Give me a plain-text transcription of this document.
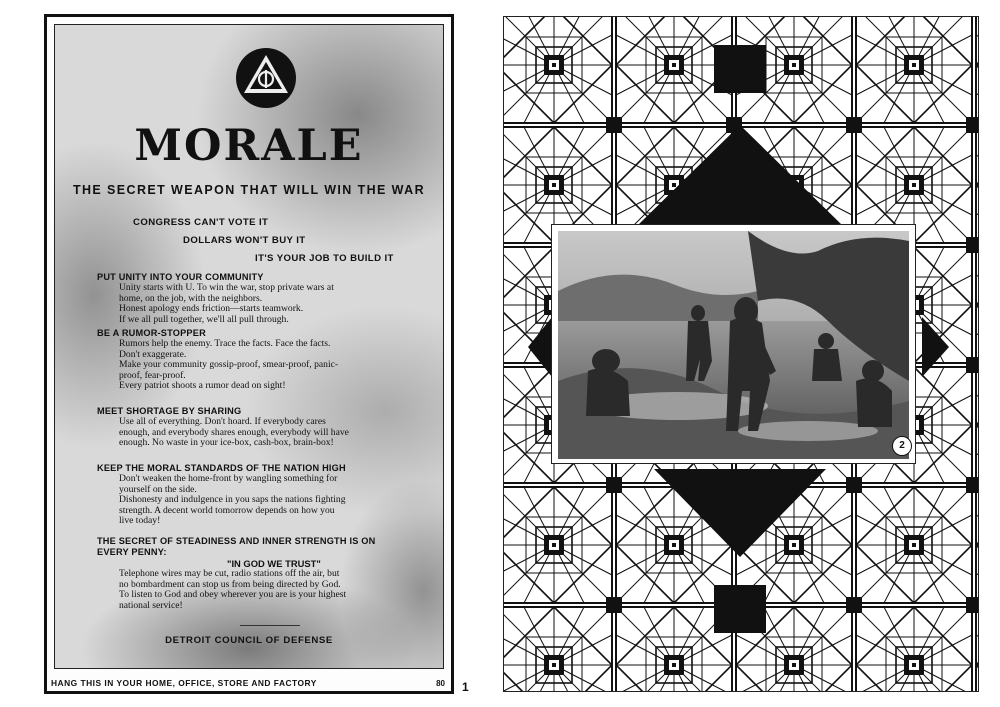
MORALE
THE SECRET WEAPON THAT WILL WIN THE WAR
CONGRESS CAN'T VOTE IT
DOLLARS WON'T BUY IT
IT'S YOUR JOB TO BUILD IT
PUT UNITY INTO YOUR COMMUNITY
Unity starts with U. To win the war, stop private wars at
home, on the job, with the neighbors.
Honest apology ends friction—starts teamwork.
If we all pull together, we'll all pull through.
BE A RUMOR-STOPPER
Rumors help the enemy. Trace the facts. Face the facts.
Don't exaggerate.
Make your community gossip-proof, smear-proof, panic-
proof, fear-proof.
Every patriot shoots a rumor dead on sight!
MEET SHORTAGE BY SHARING
Use all of everything. Don't hoard. If everybody cares
enough, and everybody shares enough, everybody will have
enough. No waste in your ice-box, cash-box, brain-box!
KEEP THE MORAL STANDARDS OF THE NATION HIGH
Don't weaken the home-front by wangling something for
yourself on the side.
Dishonesty and indulgence in you saps the nations fighting
strength. A decent world tomorrow depends on how you
live today!
THE SECRET OF STEADINESS AND INNER STRENGTH IS ON
EVERY PENNY:
"IN GOD WE TRUST"
Telephone wires may be cut, radio stations off the air, but
no bombardment can stop us from being directed by God.
To listen to God and obey wherever you are is your highest
national service!
DETROIT COUNCIL OF DEFENSE
HANG THIS IN YOUR HOME, OFFICE, STORE AND FACTORY	80 1
2
